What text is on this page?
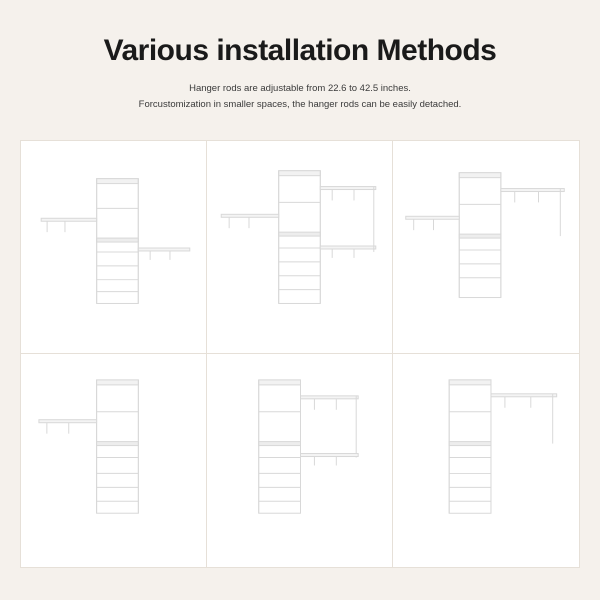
Various installation Methods

Hanger rods are adjustable from 22.6 to 42.5 inches.

Forcustomization in smaller spaces, the hanger rods can be easily detached.
